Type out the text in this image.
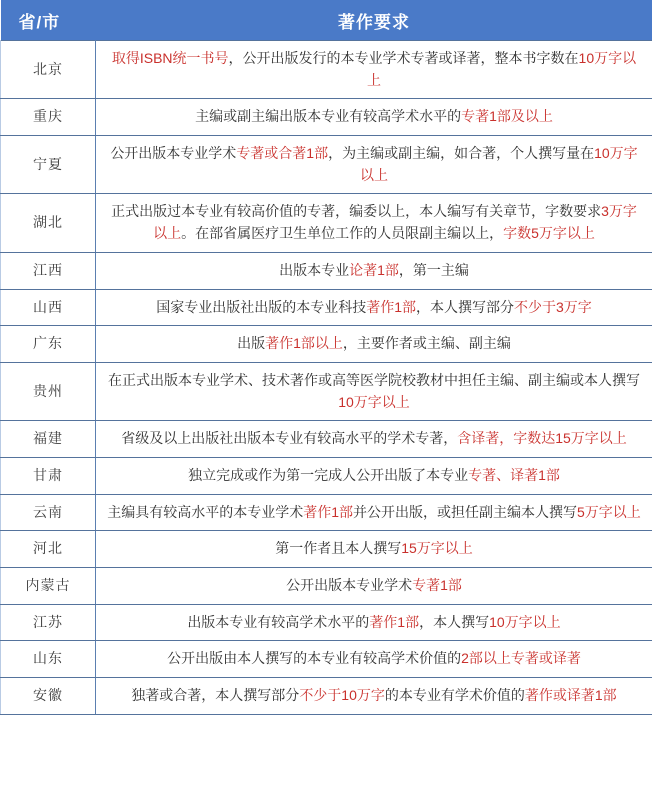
省/市	著作要求
北京	取得ISBN统一书号，公开出版发行的本专业学术专著或译著，整本书字数在10万字以上
重庆	主编或副主编出版本专业有较高学术水平的专著1部及以上
宁夏	公开出版本专业学术专著或合著1部，为主编或副主编，如合著，个人撰写量在10万字以上
湖北	正式出版过本专业有较高价值的专著，编委以上，本人编写有关章节，字数要求3万字以上。在部省属医疗卫生单位工作的人员限副主编以上，字数5万字以上
江西	出版本专业论著1部，第一主编
山西	国家专业出版社出版的本专业科技著作1部，本人撰写部分不少于3万字
广东	出版著作1部以上，主要作者或主编、副主编
贵州	在正式出版本专业学术、技术著作或高等医学院校教材中担任主编、副主编或本人撰写10万字以上
福建	省级及以上出版社出版本专业有较高水平的学术专著，含译著，字数达15万字以上
甘肃	独立完成或作为第一完成人公开出版了本专业专著、译著1部
云南	主编具有较高水平的本专业学术著作1部并公开出版，或担任副主编本人撰写5万字以上
河北	第一作者且本人撰写15万字以上
内蒙古	公开出版本专业学术专著1部
江苏	出版本专业有较高学术水平的著作1部，本人撰写10万字以上
山东	公开出版由本人撰写的本专业有较高学术价值的2部以上专著或译著
安徽	独著或合著，本人撰写部分不少于10万字的本专业有学术价值的著作或译著1部
